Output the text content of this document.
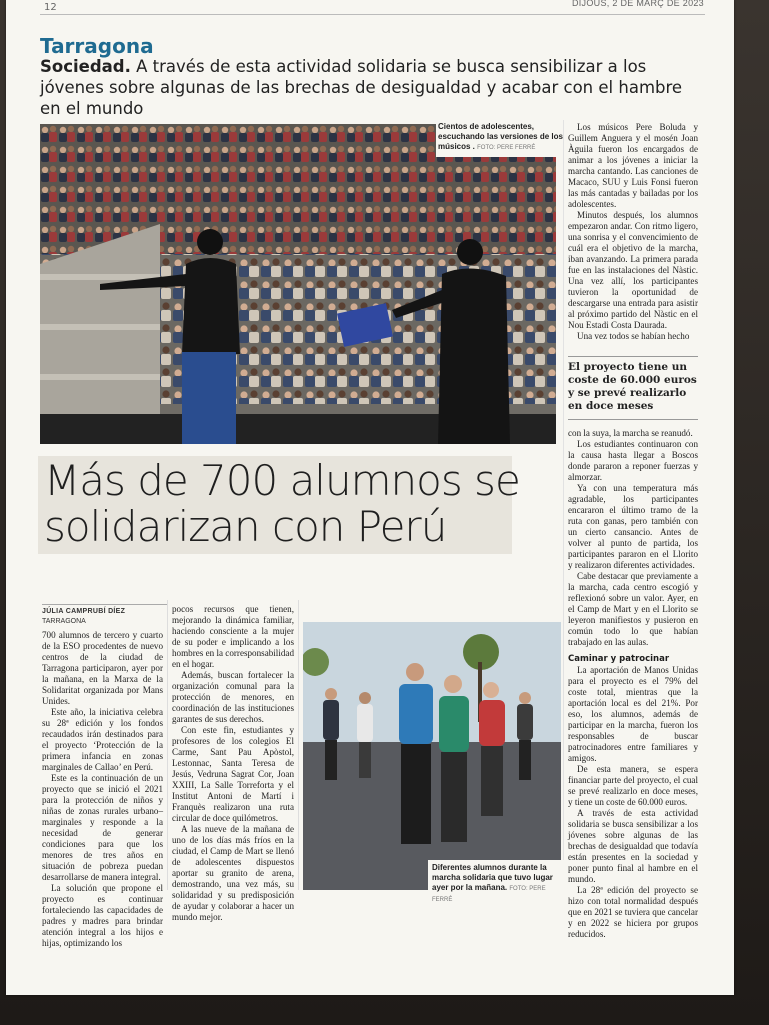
12	DIJOUS, 2 DE MARÇ DE 2023
Tarragona
Sociedad. A través de esta actividad solidaria se busca sensibilizar a los jóvenes sobre algunas de las brechas de desigualdad y acabar con el hambre en el mundo
Cientos de adolescentes, escuchando las versiones de los músicos . FOTO: PERE FERRÉ

Los músicos Pere Boluda y Guillem Anguera y el mosén Joan Àguila fueron los encargados de animar a los jóvenes a iniciar la marcha cantando. Las canciones de Macaco, SUU y Luis Fonsi fueron las más cantadas y bailadas por los adolescentes.

Minutos después, los alumnos empezaron andar. Con ritmo ligero, una sonrisa y el convencimiento de cuál era el objetivo de la marcha, iban avanzando. La primera parada fue en las instalaciones del Nàstic. Una vez allí, los participantes tuvieron la oportunidad de descargarse una entrada para asistir al próximo partido del Nàstic en el Nou Estadi Costa Daurada.

Una vez todos se habían hecho

El proyecto tiene un coste de 60.000 euros y se prevé realizarlo en doce meses

con la suya, la marcha se reanudó.

Los estudiantes continuaron con la causa hasta llegar a Boscos donde pararon a reponer fuerzas y almorzar.

Ya con una temperatura más agradable, los participantes encararon el último tramo de la ruta con ganas, pero también con un cierto cansancio. Antes de volver al punto de partida, los participantes pararon en el Llorito y realizaron diferentes actividades.

Cabe destacar que previamente a la marcha, cada centro escogió y reflexionó sobre un valor. Ayer, en el Camp de Mart y en el Llorito se leyeron manifiestos y pusieron en común todo lo que habían trabajado en las aulas.

Caminar y patrocinar

La aportación de Manos Unidas para el proyecto es el 79% del coste total, mientras que la aportación local es del 21%. Por eso, los alumnos, además de participar en la marcha, fueron los responsables de buscar patrocinadores entre familiares y amigos.

De esta manera, se espera financiar parte del proyecto, el cual se prevé realizarlo en doce meses, y tiene un coste de 60.000 euros.

A través de esta actividad solidaria se busca sensibilizar a los jóvenes sobre algunas de las brechas de desigualdad que todavía están presentes en la sociedad y poner punto final al hambre en el mundo.

La 28ª edición del proyecto se hizo con total normalidad después que en 2021 se tuviera que cancelar y en 2022 se hiciera por grupos reducidos.

Más de 700 alumnos se solidarizan con Perú
JÚLIA CAMPRUBÍ DÍEZ
TARRAGONA

700 alumnos de tercero y cuarto de la ESO procedentes de nuevo centros de la ciudad de Tarragona participaron, ayer por la mañana, en la Marxa de la Solidaritat organizada por Mans Unides.

Este año, la iniciativa celebra su 28ª edición y los fondos recaudados irán destinados para el proyecto ‘Protección de la primera infancia en zonas marginales de Callao’ en Perú.

Este es la continuación de un proyecto que se inició el 2021 para la protección de niños y niñas de zonas rurales urbano–marginales y responde a la necesidad de generar condiciones para que los menores de tres años en situación de pobreza puedan desarrollarse de manera integral.

La solución que propone el proyecto es continuar fortaleciendo las capacidades de padres y madres para brindar atención integral a los hijos e hijas, optimizando los

pocos recursos que tienen, mejorando la dinámica familiar, haciendo consciente a la mujer de su poder e implicando a los hombres en la corresponsabilidad en el hogar.

Además, buscan fortalecer la organización comunal para la protección de menores, en coordinación de las instituciones garantes de sus derechos.

Con este fin, estudiantes y profesores de los colegios El Carme, Sant Pau Apòstol, Lestonnac, Santa Teresa de Jesús, Vedruna Sagrat Cor, Joan XXIII, La Salle Torreforta y el Institut Antoni de Martí i Franquès realizaron una ruta circular de doce quilómetros.

A las nueve de la mañana de uno de los días más fríos en la ciudad, el Camp de Mart se llenó de adolescentes dispuestos aportar su granito de arena, demostrando, una vez más, su solidaridad y su predisposición de ayudar y colaborar a hacer un mundo mejor.

Diferentes alumnos durante la marcha solidaria que tuvo lugar ayer por la mañana. FOTO: PERE FERRÉ
